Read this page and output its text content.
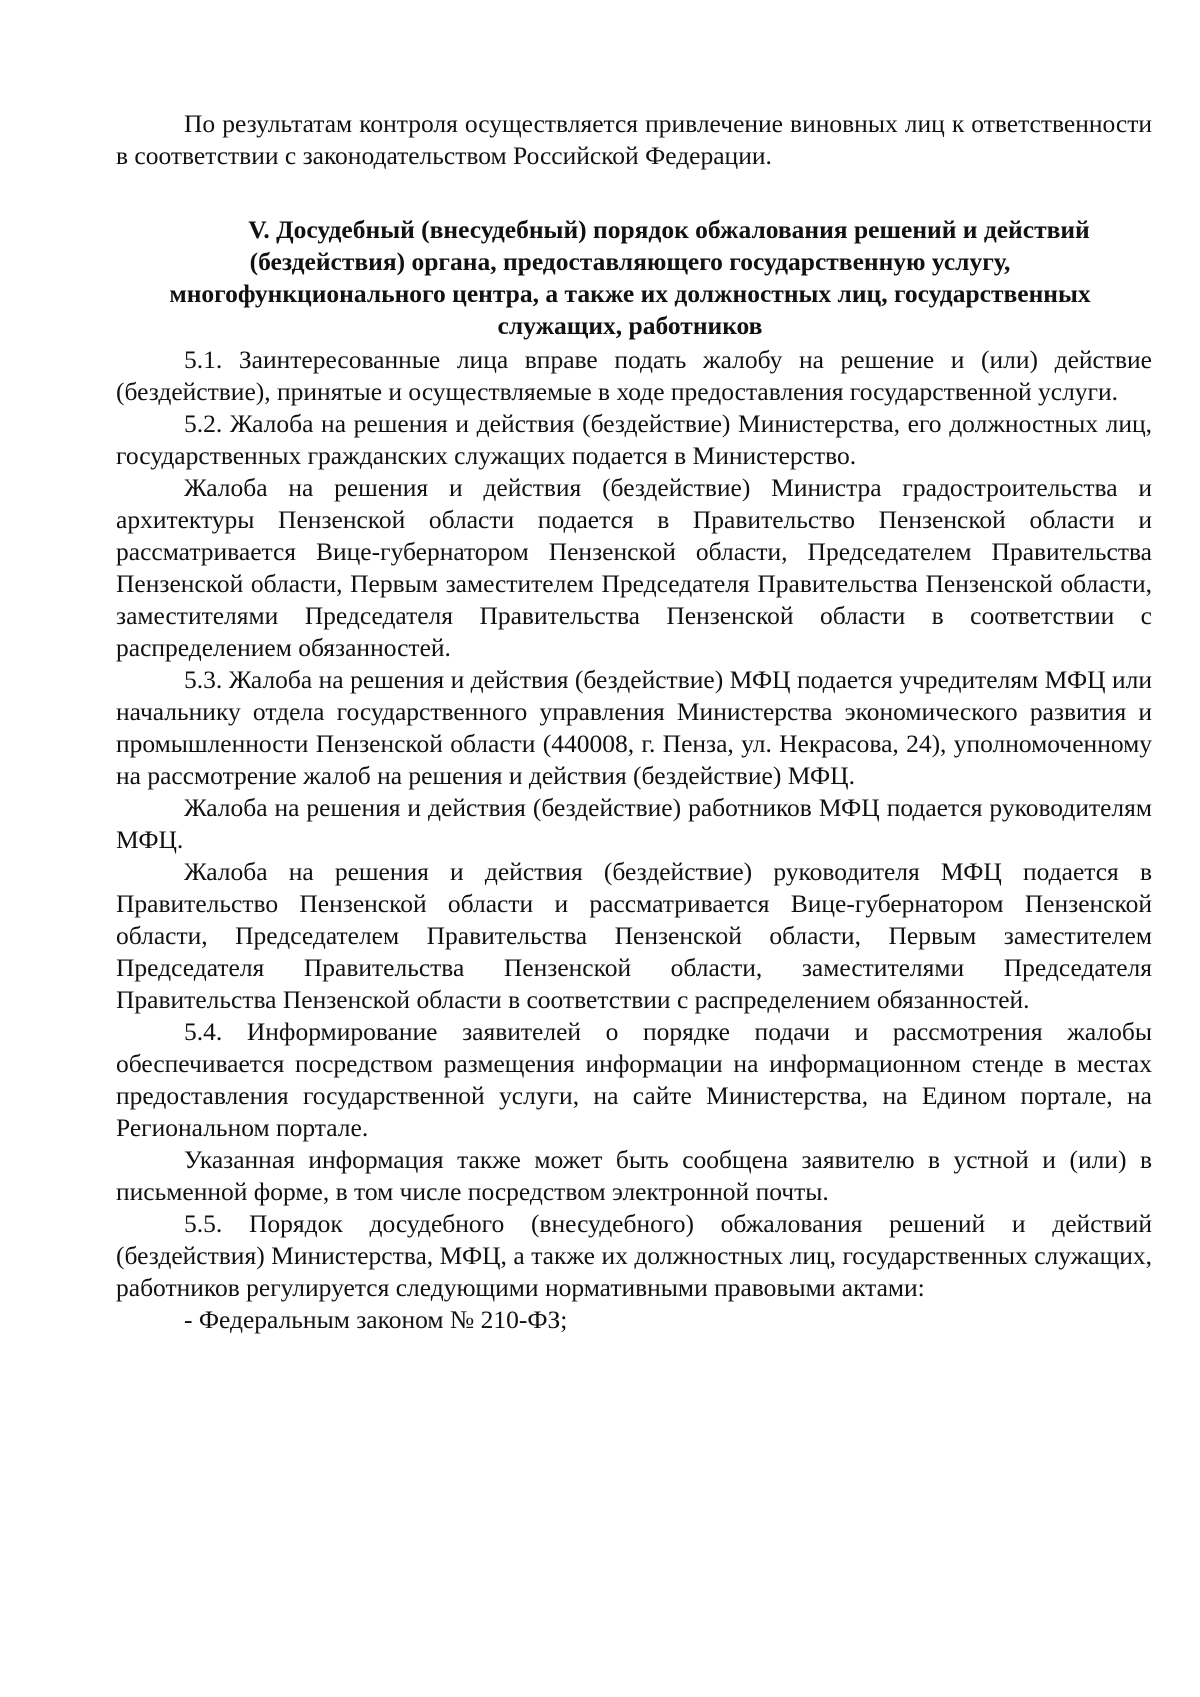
По результатам контроля осуществляется привлечение виновных лиц к ответственности в соответствии с законодательством Российской Федерации.

V. Досудебный (внесудебный) порядок обжалования решений и действий
(бездействия) органа, предоставляющего государственную услугу,
многофункционального центра, а также их должностных лиц, государственных
служащих, работников

5.1. Заинтересованные лица вправе подать жалобу на решение и (или) действие (бездействие), принятые и осуществляемые в ходе предоставления государственной услуги.

5.2. Жалоба на решения и действия (бездействие) Министерства, его должностных лиц, государственных гражданских служащих подается в Министерство.

Жалоба на решения и действия (бездействие) Министра градостроительства и архитектуры Пензенской области подается в Правительство Пензенской области и рассматривается Вице-губернатором Пензенской области, Председателем Правительства Пензенской области, Первым заместителем Председателя Правительства Пензенской области, заместителями Председателя Правительства Пензенской области в соответствии с распределением обязанностей.

5.3. Жалоба на решения и действия (бездействие) МФЦ подается учредителям МФЦ или начальнику отдела государственного управления Министерства экономического развития и промышленности Пензенской области (440008, г. Пенза, ул. Некрасова, 24), уполномоченному на рассмотрение жалоб на решения и действия (бездействие) МФЦ.

Жалоба на решения и действия (бездействие) работников МФЦ подается руководителям МФЦ.

Жалоба на решения и действия (бездействие) руководителя МФЦ подается в Правительство Пензенской области и рассматривается Вице-губернатором Пензенской области, Председателем Правительства Пензенской области, Первым заместителем Председателя Правительства Пензенской области, заместителями Председателя Правительства Пензенской области в соответствии с распределением обязанностей.

5.4. Информирование заявителей о порядке подачи и рассмотрения жалобы обеспечивается посредством размещения информации на информационном стенде в местах предоставления государственной услуги, на сайте Министерства, на Едином портале, на Региональном портале.

Указанная информация также может быть сообщена заявителю в устной и (или) в письменной форме, в том числе посредством электронной почты.

5.5. Порядок досудебного (внесудебного) обжалования решений и действий (бездействия) Министерства, МФЦ, а также их должностных лиц, государственных служащих, работников регулируется следующими нормативными правовыми актами:

- Федеральным законом № 210-ФЗ;
